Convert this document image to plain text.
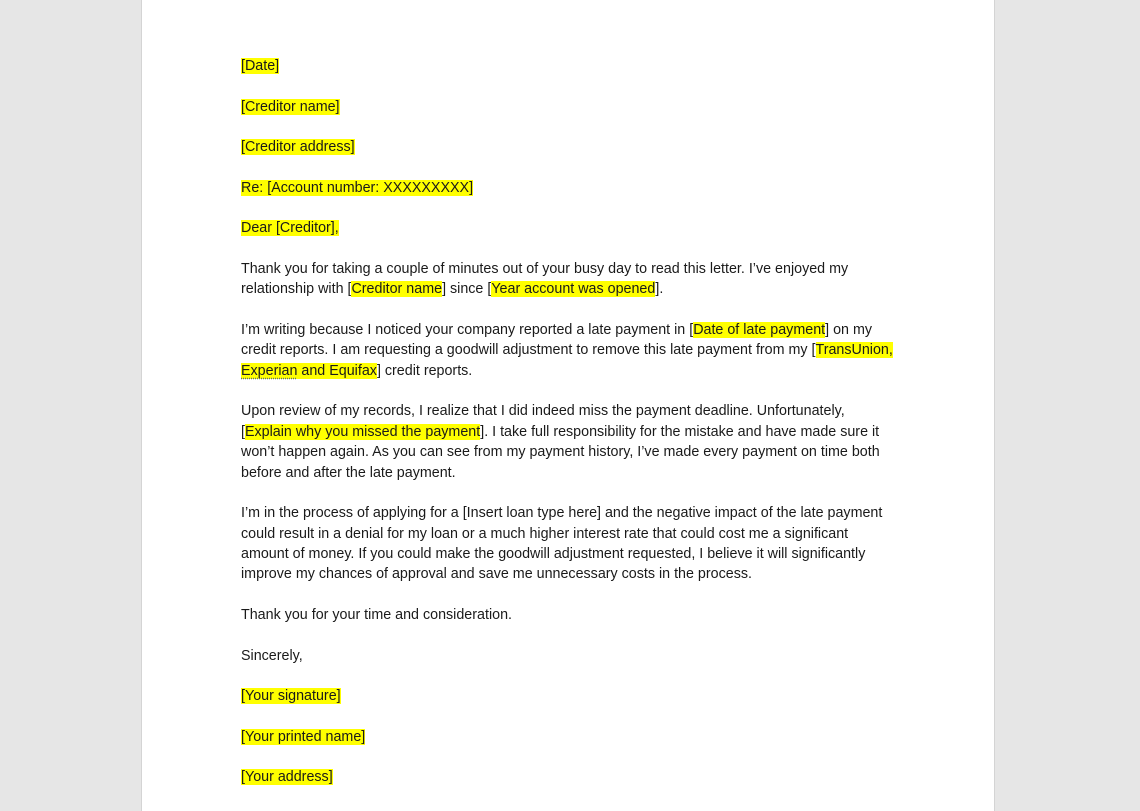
[Date]

[Creditor name]

[Creditor address]

Re: [Account number: XXXXXXXXX]

Dear [Creditor],

Thank you for taking a couple of minutes out of your busy day to read this letter. I’ve enjoyed my
relationship with [Creditor name] since [Year account was opened].

I’m writing because I noticed your company reported a late payment in [Date of late payment] on my
credit reports. I am requesting a goodwill adjustment to remove this late payment from my [TransUnion,
Experian and Equifax] credit reports.

Upon review of my records, I realize that I did indeed miss the payment deadline. Unfortunately,
[Explain why you missed the payment]. I take full responsibility for the mistake and have made sure it
won’t happen again. As you can see from my payment history, I’ve made every payment on time both
before and after the late payment.

I’m in the process of applying for a [Insert loan type here] and the negative impact of the late payment
could result in a denial for my loan or a much higher interest rate that could cost me a significant
amount of money. If you could make the goodwill adjustment requested, I believe it will significantly
improve my chances of approval and save me unnecessary costs in the process.

Thank you for your time and consideration.

Sincerely,

[Your signature]

[Your printed name]

[Your address]
